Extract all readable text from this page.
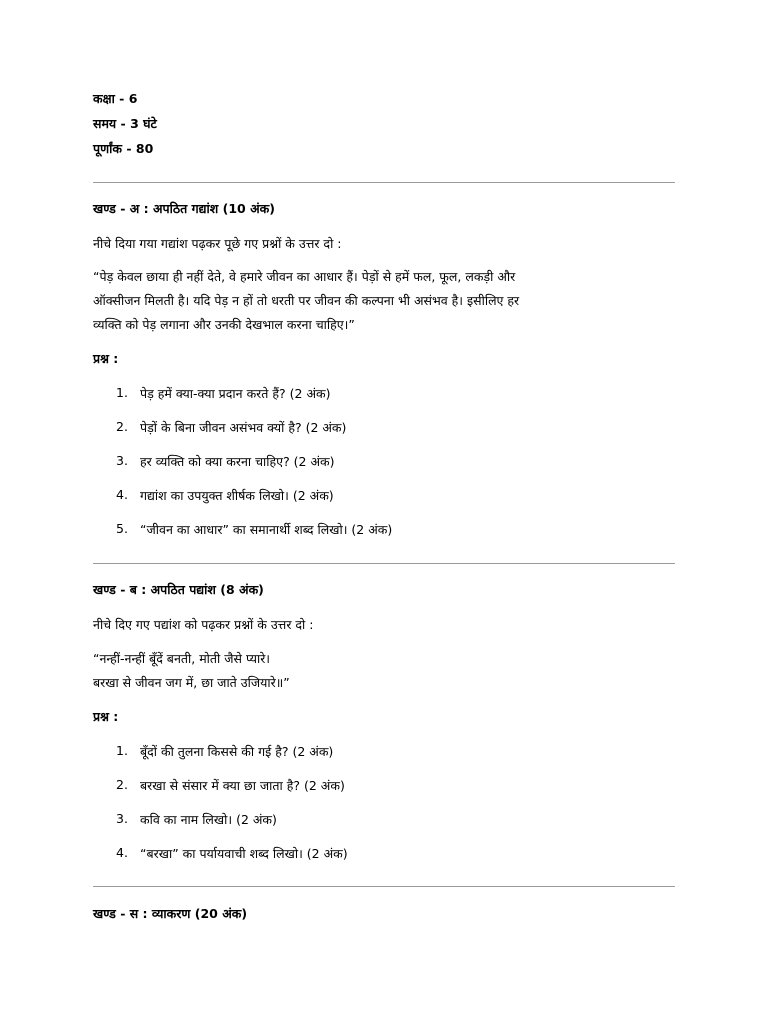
कक्षा - 6
समय - 3 घंटे
पूर्णांक - 80
खण्ड - अ : अपठित गद्यांश (10 अंक)
नीचे दिया गया गद्यांश पढ़कर पूछे गए प्रश्नों के उत्तर दो :
“पेड़ केवल छाया ही नहीं देते, वे हमारे जीवन का आधार हैं। पेड़ों से हमें फल, फूल, लकड़ी और
ऑक्सीजन मिलती है। यदि पेड़ न हों तो धरती पर जीवन की कल्पना भी असंभव है। इसीलिए हर
व्यक्ति को पेड़ लगाना और उनकी देखभाल करना चाहिए।”
प्रश्न :
1. पेड़ हमें क्या-क्या प्रदान करते हैं? (2 अंक)
2. पेड़ों के बिना जीवन असंभव क्यों है? (2 अंक)
3. हर व्यक्ति को क्या करना चाहिए? (2 अंक)
4. गद्यांश का उपयुक्त शीर्षक लिखो। (2 अंक)
5. “जीवन का आधार” का समानार्थी शब्द लिखो। (2 अंक)
खण्ड - ब : अपठित पद्यांश (8 अंक)
नीचे दिए गए पद्यांश को पढ़कर प्रश्नों के उत्तर दो :
“नन्हीं-नन्हीं बूँदें बनती, मोती जैसे प्यारे।
बरखा से जीवन जग में, छा जाते उजियारे॥”
प्रश्न :
1. बूँदों की तुलना किससे की गई है? (2 अंक)
2. बरखा से संसार में क्या छा जाता है? (2 अंक)
3. कवि का नाम लिखो। (2 अंक)
4. “बरखा” का पर्यायवाची शब्द लिखो। (2 अंक)
खण्ड - स : व्याकरण (20 अंक)
